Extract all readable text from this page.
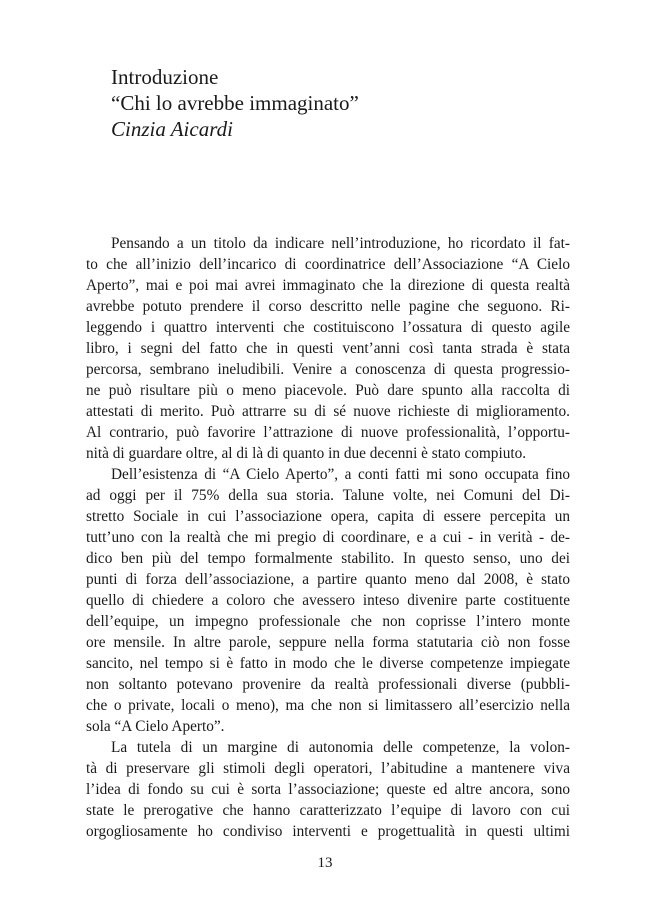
Introduzione

“Chi lo avrebbe immaginato”

Cinzia Aicardi

Pensando a un titolo da indicare nell’introduzione, ho ricordato il fat-
to che all’inizio dell’incarico di coordinatrice dell’Associazione “A Cielo
Aperto”, mai e poi mai avrei immaginato che la direzione di questa realtà
avrebbe potuto prendere il corso descritto nelle pagine che seguono. Ri-
leggendo i quattro interventi che costituiscono l’ossatura di questo agile
libro, i segni del fatto che in questi vent’anni così tanta strada è stata
percorsa, sembrano ineludibili. Venire a conoscenza di questa progressio-
ne può risultare più o meno piacevole. Può dare spunto alla raccolta di
attestati di merito. Può attrarre su di sé nuove richieste di miglioramento.
Al contrario, può favorire l’attrazione di nuove professionalità, l’opportu-
nità di guardare oltre, al di là di quanto in due decenni è stato compiuto.
Dell’esistenza di “A Cielo Aperto”, a conti fatti mi sono occupata fino
ad oggi per il 75% della sua storia. Talune volte, nei Comuni del Di-
stretto Sociale in cui l’associazione opera, capita di essere percepita un
tutt’uno con la realtà che mi pregio di coordinare, e a cui - in verità - de-
dico ben più del tempo formalmente stabilito. In questo senso, uno dei
punti di forza dell’associazione, a partire quanto meno dal 2008, è stato
quello di chiedere a coloro che avessero inteso divenire parte costituente
dell’equipe, un impegno professionale che non coprisse l’intero monte
ore mensile. In altre parole, seppure nella forma statutaria ciò non fosse
sancito, nel tempo si è fatto in modo che le diverse competenze impiegate
non soltanto potevano provenire da realtà professionali diverse (pubbli-
che o private, locali o meno), ma che non si limitassero all’esercizio nella
sola “A Cielo Aperto”.
La tutela di un margine di autonomia delle competenze, la volon-
tà di preservare gli stimoli degli operatori, l’abitudine a mantenere viva
l’idea di fondo su cui è sorta l’associazione; queste ed altre ancora, sono
state le prerogative che hanno caratterizzato l’equipe di lavoro con cui
orgogliosamente ho condiviso interventi e progettualità in questi ultimi
13
